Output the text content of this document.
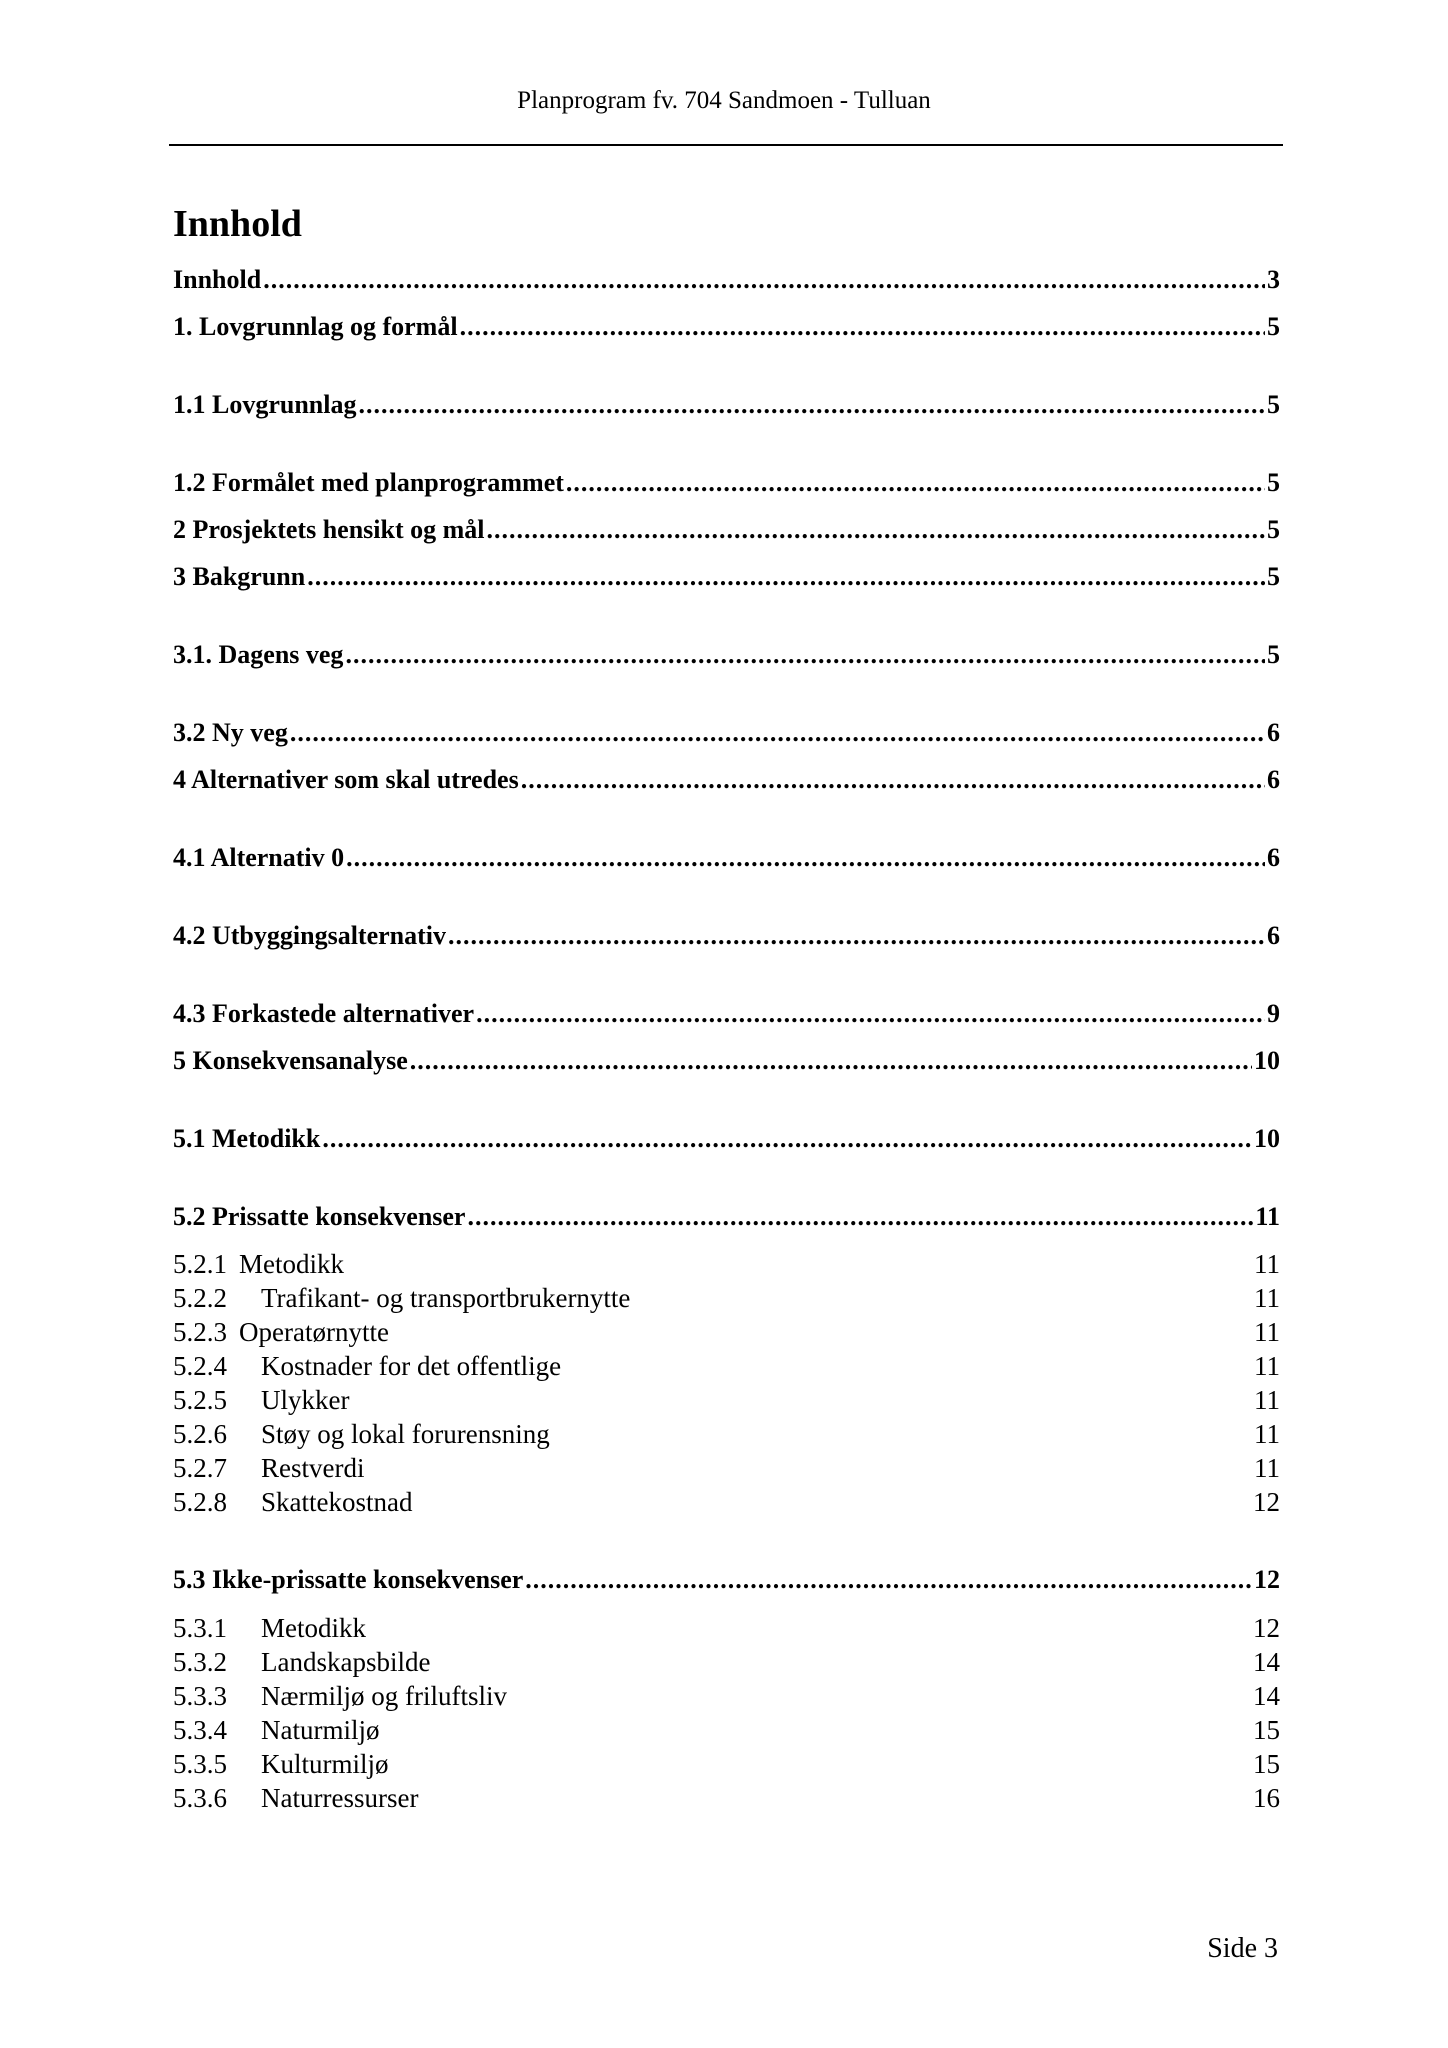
Planprogram fv. 704 Sandmoen - Tulluan
Innhold
Innhold .....	3
1. Lovgrunnlag og formål .....	5
1.1 Lovgrunnlag .....	5
1.2 Formålet med planprogrammet .....	5
2 Prosjektets hensikt og mål .....	5
3 Bakgrunn .....	5
3.1. Dagens veg .....	5
3.2 Ny veg .....	6
4 Alternativer som skal utredes .....	6
4.1 Alternativ 0 .....	6
4.2 Utbyggingsalternativ .....	6
4.3 Forkastede alternativer .....	9
5 Konsekvensanalyse .....	10
5.1 Metodikk .....	10
5.2 Prissatte konsekvenser .....	11
5.2.1 Metodikk	11
5.2.2 Trafikant- og transportbrukernytte	11
5.2.3 Operatørnytte	11
5.2.4 Kostnader for det offentlige	11
5.2.5 Ulykker	11
5.2.6 Støy og lokal forurensning	11
5.2.7 Restverdi	11
5.2.8 Skattekostnad	12
5.3 Ikke-prissatte konsekvenser .....	12
5.3.1 Metodikk	12
5.3.2 Landskapsbilde	14
5.3.3 Nærmiljø og friluftsliv	14
5.3.4 Naturmiljø	15
5.3.5 Kulturmiljø	15
5.3.6 Naturressurser	16
Side 3
